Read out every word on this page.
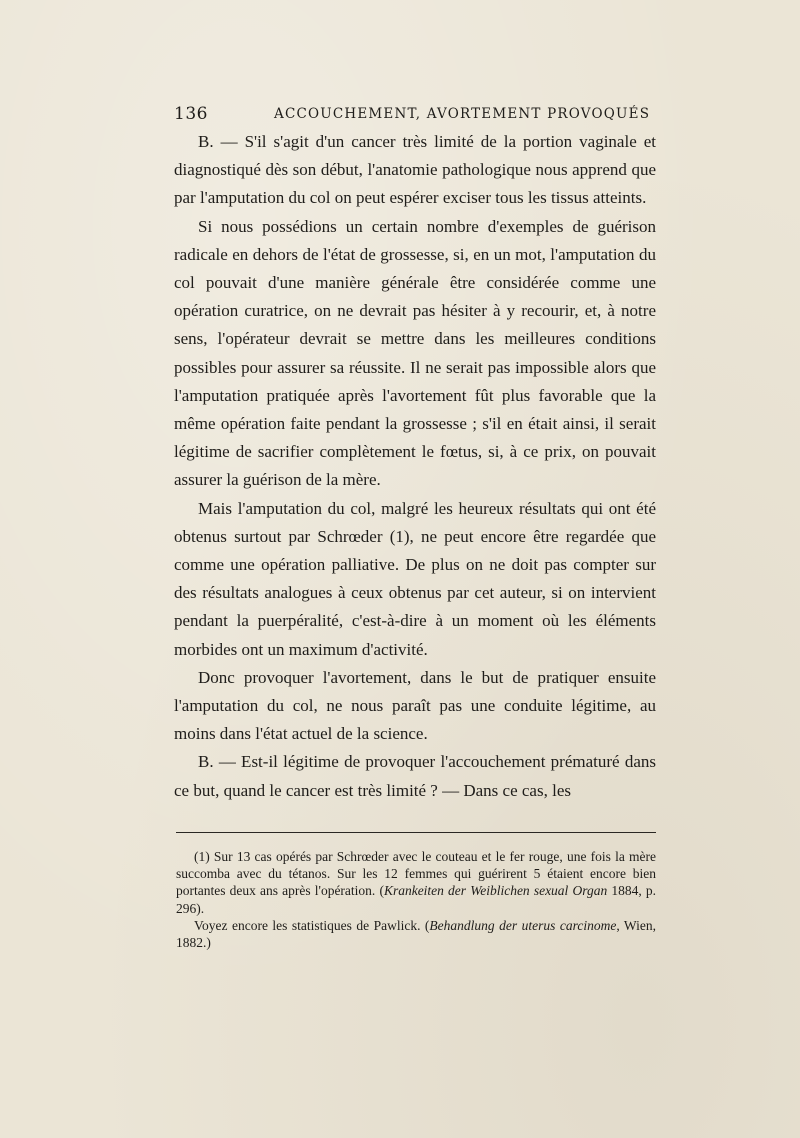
136	ACCOUCHEMENT, AVORTEMENT PROVOQUÉS

B. — S'il s'agit d'un cancer très limité de la portion vaginale et diagnostiqué dès son début, l'anatomie pathologique nous apprend que par l'amputation du col on peut espérer exciser tous les tissus atteints.

Si nous possédions un certain nombre d'exemples de guérison radicale en dehors de l'état de grossesse, si, en un mot, l'amputation du col pouvait d'une manière générale être considérée comme une opération curatrice, on ne devrait pas hésiter à y recourir, et, à notre sens, l'opérateur devrait se mettre dans les meilleures conditions possibles pour assurer sa réussite. Il ne serait pas impossible alors que l'amputation pratiquée après l'avortement fût plus favorable que la même opération faite pendant la grossesse ; s'il en était ainsi, il serait légitime de sacrifier complètement le fœtus, si, à ce prix, on pouvait assurer la guérison de la mère.

Mais l'amputation du col, malgré les heureux résultats qui ont été obtenus surtout par Schrœder (1), ne peut encore être regardée que comme une opération palliative. De plus on ne doit pas compter sur des résultats analogues à ceux obtenus par cet auteur, si on intervient pendant la puerpéralité, c'est-à-dire à un moment où les éléments morbides ont un maximum d'activité.

Donc provoquer l'avortement, dans le but de pratiquer ensuite l'amputation du col, ne nous paraît pas une conduite légitime, au moins dans l'état actuel de la science.

B. — Est-il légitime de provoquer l'accouchement prématuré dans ce but, quand le cancer est très limité ? — Dans ce cas, les

(1) Sur 13 cas opérés par Schrœder avec le couteau et le fer rouge, une fois la mère succomba avec du tétanos. Sur les 12 femmes qui guérirent 5 étaient encore bien portantes deux ans après l'opération. (Krankeiten der Weiblichen sexual Organ 1884, p. 296).

Voyez encore les statistiques de Pawlick. (Behandlung der uterus carcinome, Wien, 1882.)
